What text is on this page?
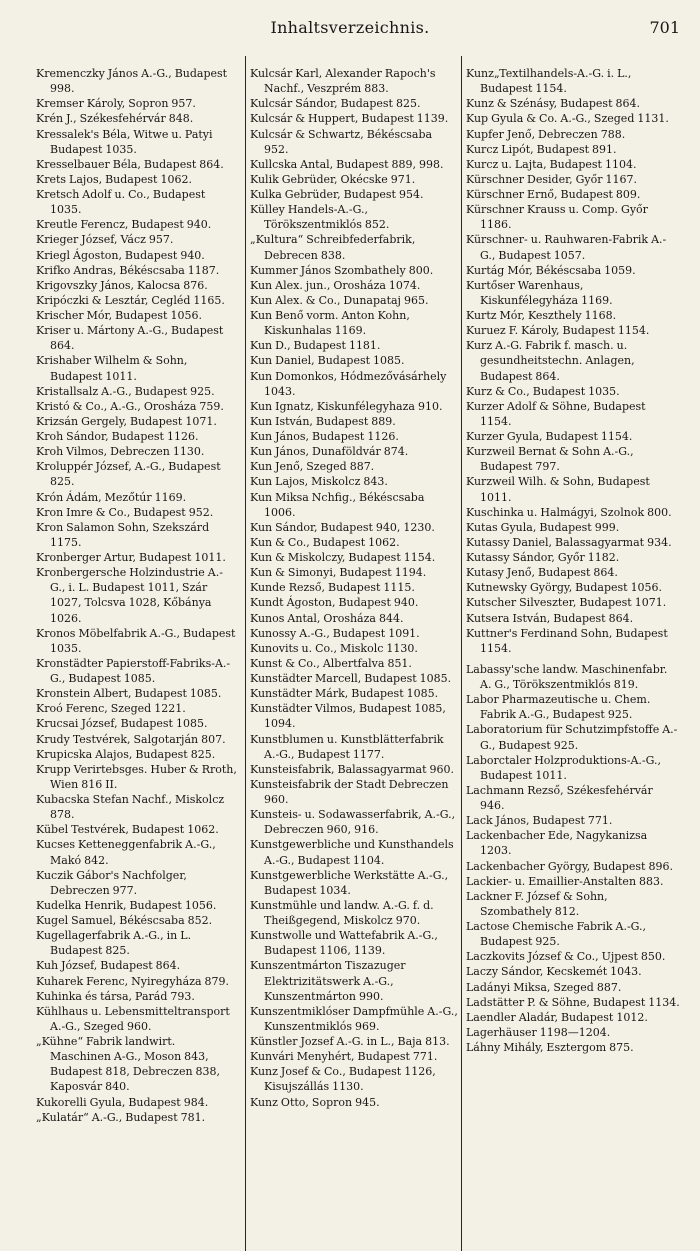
Inhaltsverzeichnis.	701

Kremenczky János A.-G., Budapest 998.

Kremser Károly, Sopron 957.

Krén J., Székesfehérvár 848.

Kressalek's Béla, Witwe u. Patyi Budapest 1035.

Kresselbauer Béla, Budapest 864.

Krets Lajos, Budapest 1062.

Kretsch Adolf u. Co., Budapest 1035.

Kreutle Ferencz, Budapest 940.

Krieger József, Vácz 957.

Kriegl Ágoston, Budapest 940.

Krifko Andras, Békéscsaba 1187.

Krigovszky János, Kalocsa 876.

Kripóczki & Lesztár, Cegléd 1165.

Krischer Mór, Budapest 1056.

Kriser u. Mártony A.-G., Budapest 864.

Krishaber Wilhelm & Sohn, Budapest 1011.

Kristallsalz A.-G., Budapest 925.

Kristó & Co., A.-G., Orosháza 759.

Krizsán Gergely, Budapest 1071.

Kroh Sándor, Budapest 1126.

Kroh Vilmos, Debreczen 1130.

Kroluppér József, A.-G., Budapest 825.

Krón Ádám, Mezőtúr 1169.

Kron Imre & Co., Budapest 952.

Kron Salamon Sohn, Szekszárd 1175.

Kronberger Artur, Budapest 1011.

Kronbergersche Holzindustrie A.-G., i. L. Budapest 1011, Szár 1027, Tolcsva 1028, Kőbánya 1026.

Kronos Möbelfabrik A.-G., Budapest 1035.

Kronstädter Papierstoff-Fabriks-A.-G., Budapest 1085.

Kronstein Albert, Budapest 1085.

Kroó Ferenc, Szeged 1221.

Krucsai József, Budapest 1085.

Krudy Testvérek, Salgotarján 807.

Krupicska Alajos, Budapest 825.

Krupp Verirtebsges. Huber & Rroth, Wien 816 II.

Kubacska Stefan Nachf., Miskolcz 878.

Kübel Testvérek, Budapest 1062.

Kucses Ketteneggenfabrik A.-G., Makó 842.

Kuczik Gábor's Nachfolger, Debreczen 977.

Kudelka Henrik, Budapest 1056.

Kugel Samuel, Békéscsaba 852.

Kugellagerfabrik A.-G., in L. Budapest 825.

Kuh József, Budapest 864.

Kuharek Ferenc, Nyiregyháza 879.

Kuhinka és társa, Parád 793.

Kühlhaus u. Lebensmitteltransport A.-G., Szeged 960.

„Kühne“ Fabrik landwirt. Maschinen A-G., Moson 843, Budapest 818, Debreczen 838, Kaposvár 840.

Kukorelli Gyula, Budapest 984.

„Kulatár“ A.-G., Budapest 781.

Kulcsár Karl, Alexander Rapoch's Nachf., Veszprém 883.

Kulcsár Sándor, Budapest 825.

Kulcsár & Huppert, Budapest 1139.

Kulcsár & Schwartz, Békéscsaba 952.

Kullcska Antal, Budapest 889, 998.

Kulik Gebrüder, Okécske 971.

Kulka Gebrüder, Budapest 954.

Külley Handels-A.-G., Törökszentmiklós 852.

„Kultura“ Schreibfederfabrik, Debrecen 838.

Kummer János Szombathely 800.

Kun Alex. jun., Orosháza 1074.

Kun Alex. & Co., Dunapataj 965.

Kun Benő vorm. Anton Kohn, Kiskunhalas 1169.

Kun D., Budapest 1181.

Kun Daniel, Budapest 1085.

Kun Domonkos, Hódmezővásárhely 1043.

Kun Ignatz, Kiskunfélegyhaza 910.

Kun István, Budapest 889.

Kun János, Budapest 1126.

Kun János, Dunaföldvár 874.

Kun Jenő, Szeged 887.

Kun Lajos, Miskolcz 843.

Kun Miksa Nchfig., Békéscsaba 1006.

Kun Sándor, Budapest 940, 1230.

Kun & Co., Budapest 1062.

Kun & Miskolczy, Budapest 1154.

Kun & Simonyi, Budapest 1194.

Kunde Rezső, Budapest 1115.

Kundt Ágoston, Budapest 940.

Kunos Antal, Orosháza 844.

Kunossy A.-G., Budapest 1091.

Kunovits u. Co., Miskolc 1130.

Kunst & Co., Albertfalva 851.

Kunstädter Marcell, Budapest 1085.

Kunstädter Márk, Budapest 1085.

Kunstädter Vilmos, Budapest 1085, 1094.

Kunstblumen u. Kunstblätterfabrik A.-G., Budapest 1177.

Kunsteisfabrik, Balassagyarmat 960.

Kunsteisfabrik der Stadt Debreczen 960.

Kunsteis- u. Sodawasserfabrik, A.-G., Debreczen 960, 916.

Kunstgewerbliche und Kunsthandels A.-G., Budapest 1104.

Kunstgewerbliche Werkstätte A.-G., Budapest 1034.

Kunstmühle und landw. A.-G. f. d. Theißgegend, Miskolcz 970.

Kunstwolle und Wattefabrik A.-G., Budapest 1106, 1139.

Kunszentmárton Tiszazuger Elektrizitätswerk A.-G., Kunszentmárton 990.

Kunszentmiklóser Dampfmühle A.-G., Kunszentmiklós 969.

Künstler Jozsef A.-G. in L., Baja 813.

Kunvári Menyhért, Budapest 771.

Kunz Josef & Co., Budapest 1126, Kisujszállás 1130.

Kunz Otto, Sopron 945.

Kunz„Textilhandels-A.-G. i. L., Budapest 1154.

Kunz & Szénásy, Budapest 864.

Kup Gyula & Co. A.-G., Szeged 1131.

Kupfer Jenő, Debreczen 788.

Kurcz Lipót, Budapest 891.

Kurcz u. Lajta, Budapest 1104.

Kürschner Desider, Győr 1167.

Kürschner Ernő, Budapest 809.

Kürschner Krauss u. Comp. Győr 1186.

Kürschner- u. Rauhwaren-Fabrik A.-G., Budapest 1057.

Kurtág Mór, Békéscsaba 1059.

Kurtőser Warenhaus, Kiskunfélegyháza 1169.

Kurtz Mór, Keszthely 1168.

Kuruez F. Károly, Budapest 1154.

Kurz A.-G. Fabrik f. masch. u. gesundheitstechn. Anlagen, Budapest 864.

Kurz & Co., Budapest 1035.

Kurzer Adolf & Söhne, Budapest 1154.

Kurzer Gyula, Budapest 1154.

Kurzweil Bernat & Sohn A.-G., Budapest 797.

Kurzweil Wilh. & Sohn, Budapest 1011.

Kuschinka u. Halmágyi, Szolnok 800.

Kutas Gyula, Budapest 999.

Kutassy Daniel, Balassagyarmat 934.

Kutassy Sándor, Győr 1182.

Kutasy Jenő, Budapest 864.

Kutnewsky György, Budapest 1056.

Kutscher Silveszter, Budapest 1071.

Kutsera István, Budapest 864.

Kuttner's Ferdinand Sohn, Budapest 1154.

Labassy'sche landw. Maschinenfabr. A. G., Törökszentmiklós 819.

Labor Pharmazeutische u. Chem. Fabrik A.-G., Budapest 925.

Laboratorium für Schutzimpfstoffe A.-G., Budapest 925.

Laborctaler Holzproduktions-A.-G., Budapest 1011.

Lachmann Rezső, Székesfehérvár 946.

Lack János, Budapest 771.

Lackenbacher Ede, Nagykanizsa 1203.

Lackenbacher György, Budapest 896.

Lackier- u. Emaillier-Anstalten 883.

Lackner F. József & Sohn, Szombathely 812.

Lactose Chemische Fabrik A.-G., Budapest 925.

Laczkovits József & Co., Ujpest 850.

Laczy Sándor, Kecskemét 1043.

Ladányi Miksa, Szeged 887.

Ladstätter P. & Söhne, Budapest 1134.

Laendler Aladár, Budapest 1012.

Lagerhäuser 1198—1204.

Láhny Mihály, Esztergom 875.
